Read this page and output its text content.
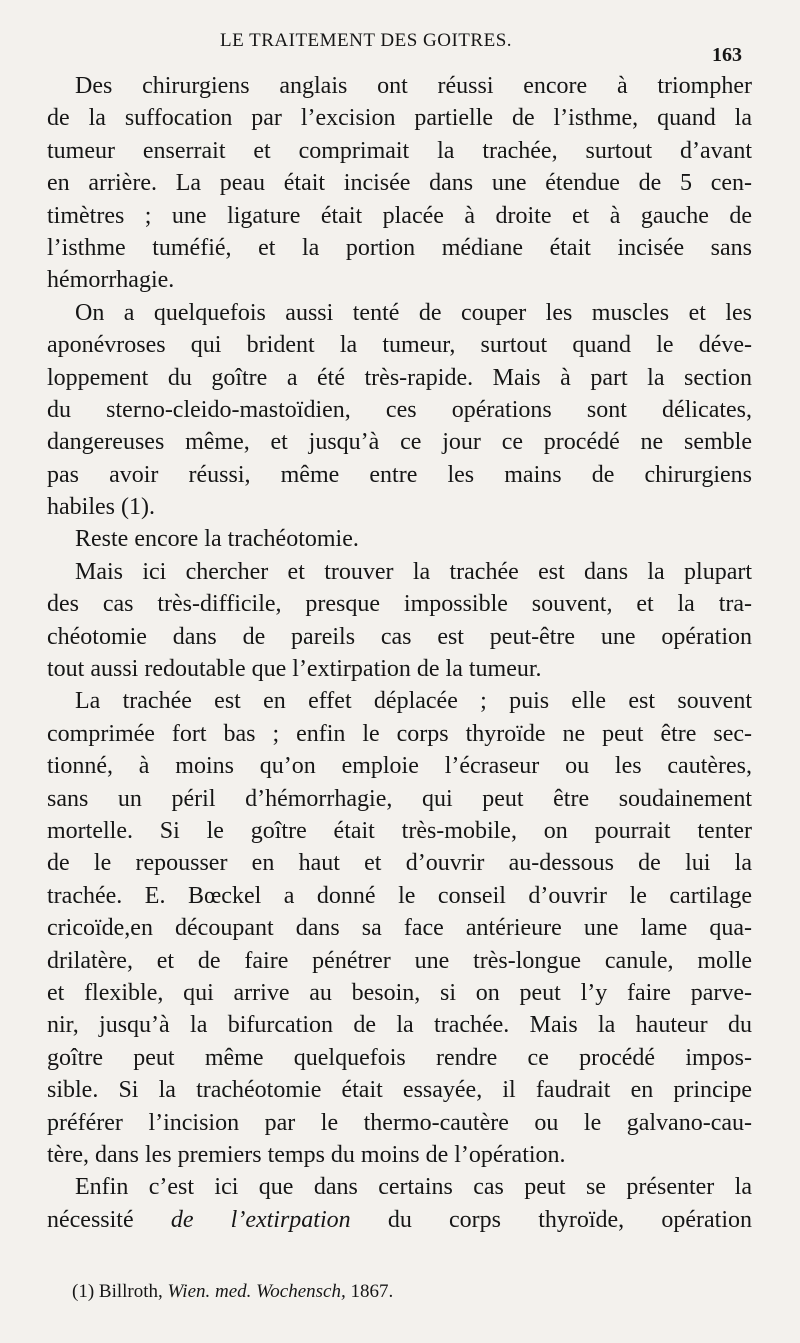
LE TRAITEMENT DES GOITRES.
163
Des chirurgiens anglais ont réussi encore à triompher
de la suffocation par l’excision partielle de l’isthme, quand la
tumeur enserrait et comprimait la trachée, surtout d’avant
en arrière. La peau était incisée dans une étendue de 5 cen-
timètres ; une ligature était placée à droite et à gauche de
l’isthme tuméfié, et la portion médiane était incisée sans
hémorrhagie.
On a quelquefois aussi tenté de couper les muscles et les
aponévroses qui brident la tumeur, surtout quand le déve-
loppement du goître a été très-rapide. Mais à part la section
du sterno-cleido-mastoïdien, ces opérations sont délicates,
dangereuses même, et jusqu’à ce jour ce procédé ne semble
pas avoir réussi, même entre les mains de chirurgiens
habiles (1).
Reste encore la trachéotomie.
Mais ici chercher et trouver la trachée est dans la plupart
des cas très-difficile, presque impossible souvent, et la tra-
chéotomie dans de pareils cas est peut-être une opération
tout aussi redoutable que l’extirpation de la tumeur.
La trachée est en effet déplacée ; puis elle est souvent
comprimée fort bas ; enfin le corps thyroïde ne peut être sec-
tionné, à moins qu’on emploie l’écraseur ou les cautères,
sans un péril d’hémorrhagie, qui peut être soudainement
mortelle. Si le goître était très-mobile, on pourrait tenter
de le repousser en haut et d’ouvrir au-dessous de lui la
trachée. E. Bœckel a donné le conseil d’ouvrir le cartilage
cricoïde,en découpant dans sa face antérieure une lame qua-
drilatère, et de faire pénétrer une très-longue canule, molle
et flexible, qui arrive au besoin, si on peut l’y faire parve-
nir, jusqu’à la bifurcation de la trachée. Mais la hauteur du
goître peut même quelquefois rendre ce procédé impos-
sible. Si la trachéotomie était essayée, il faudrait en principe
préférer l’incision par le thermo-cautère ou le galvano-cau-
tère, dans les premiers temps du moins de l’opération.
Enfin c’est ici que dans certains cas peut se présenter la
nécessité de l’extirpation du corps thyroïde, opération
(1) Billroth, Wien. med. Wochensch, 1867.
